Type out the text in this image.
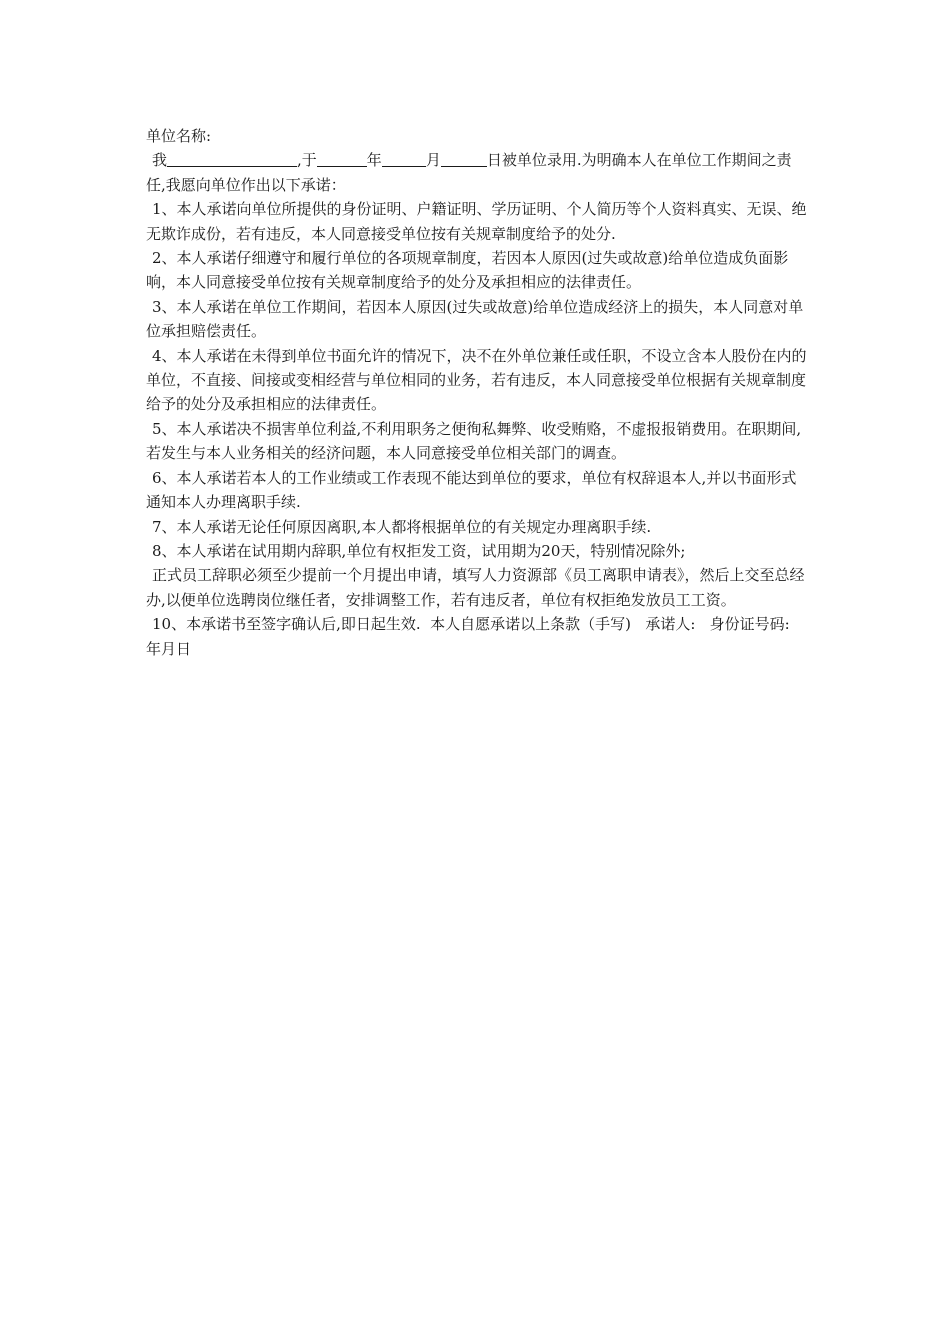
单位名称:
我	,于	年	月	日被单位录用.为明确本人在单位工作期间之责任,我愿向单位作出以下承诺：
1、本人承诺向单位所提供的身份证明、户籍证明、学历证明、个人简历等个人资料真实、无误、绝无欺诈成份，若有违反，本人同意接受单位按有关规章制度给予的处分.
2、本人承诺仔细遵守和履行单位的各项规章制度，若因本人原因(过失或故意)给单位造成负面影响，本人同意接受单位按有关规章制度给予的处分及承担相应的法律责任。
3、本人承诺在单位工作期间，若因本人原因(过失或故意)给单位造成经济上的损失，本人同意对单位承担赔偿责任。
4、本人承诺在未得到单位书面允许的情况下，决不在外单位兼任或任职，不设立含本人股份在内的单位，不直接、间接或变相经营与单位相同的业务，若有违反，本人同意接受单位根据有关规章制度给予的处分及承担相应的法律责任。
5、本人承诺决不损害单位利益,不利用职务之便徇私舞弊、收受贿赂，不虚报报销费用。在职期间,若发生与本人业务相关的经济问题，本人同意接受单位相关部门的调查。
6、本人承诺若本人的工作业绩或工作表现不能达到单位的要求，单位有权辞退本人,并以书面形式通知本人办理离职手续.
7、本人承诺无论任何原因离职,本人都将根据单位的有关规定办理离职手续.
8、本人承诺在试用期内辞职,单位有权拒发工资，试用期为20天，特别情况除外;
正式员工辞职必须至少提前一个月提出申请，填写人力资源部《员工离职申请表》，然后上交至总经办,以便单位选聘岗位继任者，安排调整工作，若有违反者，单位有权拒绝发放员工工资。
10、本承诺书至签字确认后,即日起生效.  本人自愿承诺以上条款（手写)   承诺人:   身份证号码:     年月日
